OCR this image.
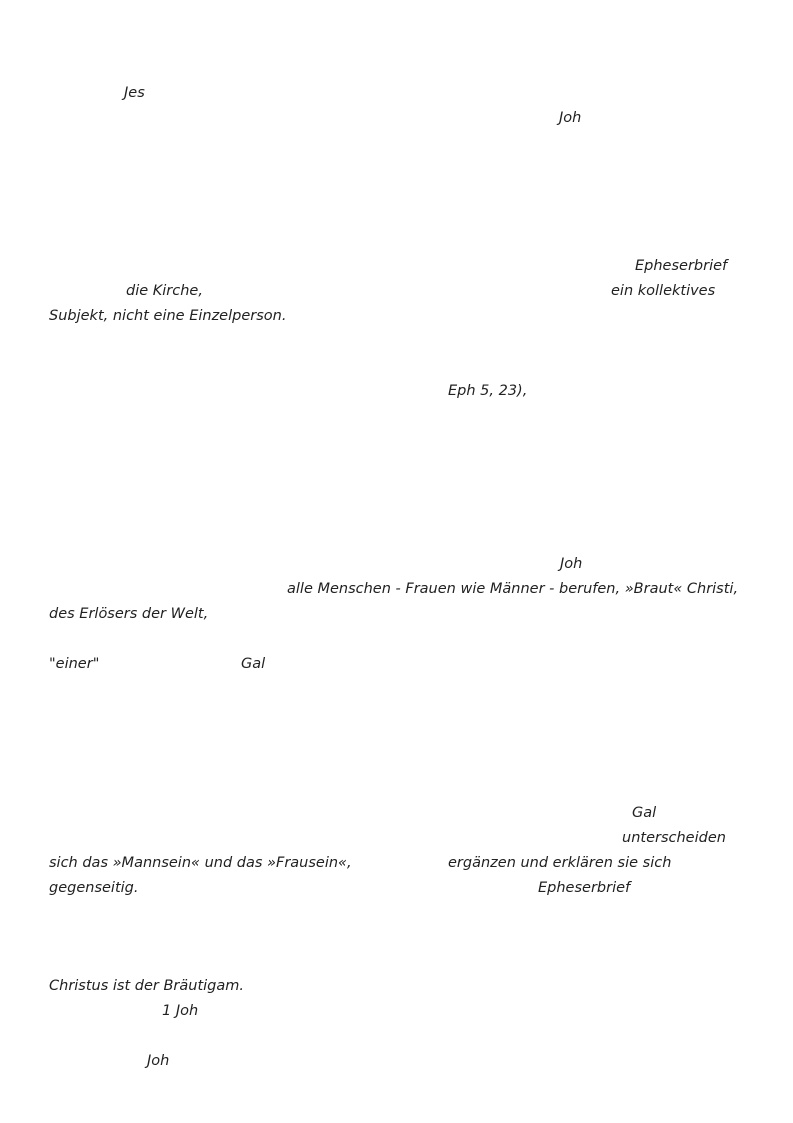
Jes
Joh
Epheserbrief
die Kirche,	ein kollektives
Subjekt, nicht eine Einzelperson.
Eph 5, 23),
Joh
alle Menschen - Frauen wie Männer - berufen, »Braut« Christi,
des Erlösers der Welt,
"einer"	Gal
Gal
unterscheiden
sich das »Mannsein« und das »Frausein«,	ergänzen und erklären sie sich
gegenseitig.	Epheserbrief
Christus ist der Bräutigam.
1 Joh
Joh
